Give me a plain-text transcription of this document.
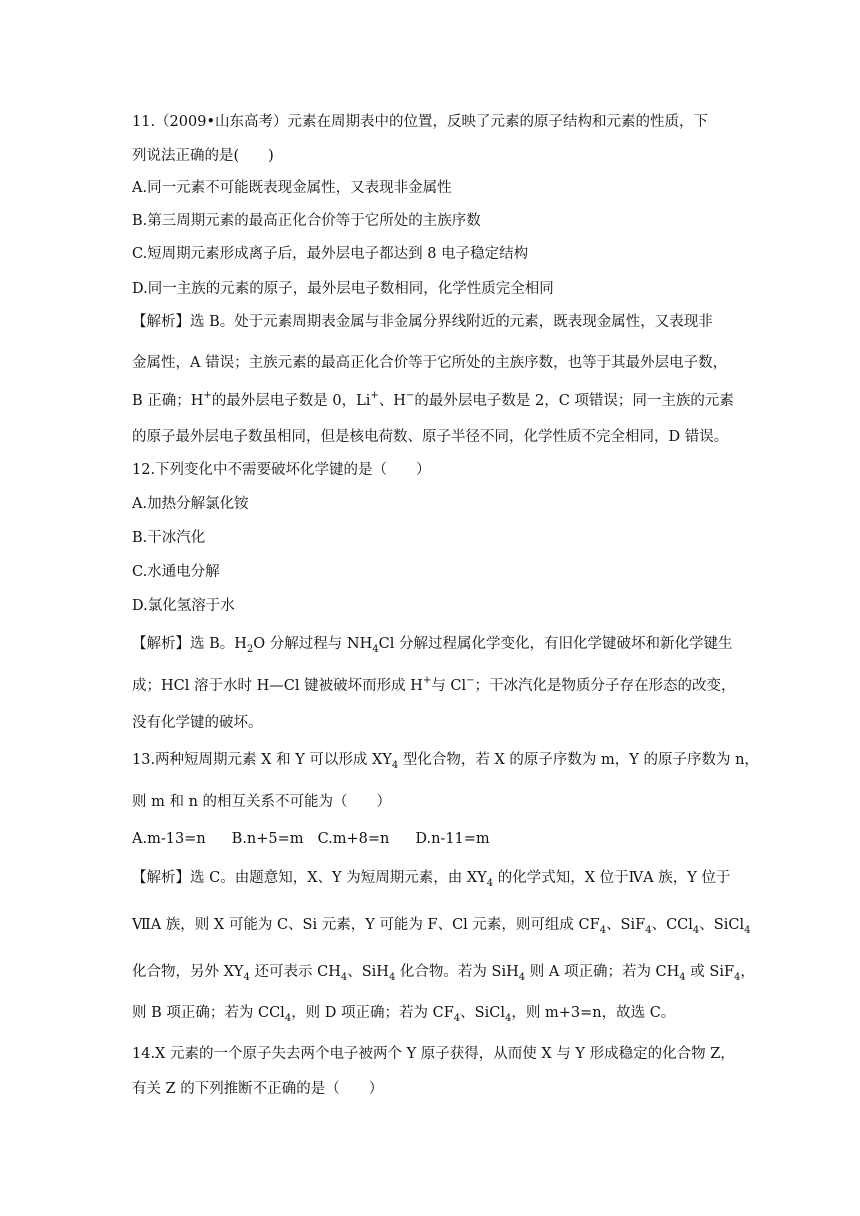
11.（2009•山东高考）元素在周期表中的位置，反映了元素的原子结构和元素的性质，下
列说法正确的是(　　)
A.同一元素不可能既表现金属性，又表现非金属性
B.第三周期元素的最高正化合价等于它所处的主族序数
C.短周期元素形成离子后，最外层电子都达到 8 电子稳定结构
D.同一主族的元素的原子，最外层电子数相同，化学性质完全相同
【解析】选 B。处于元素周期表金属与非金属分界线附近的元素，既表现金属性，又表现非
金属性，A 错误；主族元素的最高正化合价等于它所处的主族序数，也等于其最外层电子数，
B 正确；H+的最外层电子数是 0，Li+、H−的最外层电子数是 2，C 项错误；同一主族的元素
的原子最外层电子数虽相同，但是核电荷数、原子半径不同，化学性质不完全相同，D 错误。
12.下列变化中不需要破坏化学键的是（　　）
A.加热分解氯化铵
B.干冰汽化
C.水通电分解
D.氯化氢溶于水
【解析】选 B。$H_2O$ 分解过程与 $NH_4Cl$ 分解过程属化学变化，有旧化学键破坏和新化学键生
成；HCl 溶于水时 H—Cl 键被破坏而形成 H+与 Cl−；干冰汽化是物质分子存在形态的改变，
没有化学键的破坏。
13.两种短周期元素 X 和 Y 可以形成 $XY_4$ 型化合物，若 X 的原子序数为 m，Y 的原子序数为 n，
则 m 和 n 的相互关系不可能为（　　）
A.m-13=n B.n+5=m C.m+8=n D.n-11=m
【解析】选 C。由题意知，X、Y 为短周期元素，由 $XY_4$ 的化学式知，X 位于ⅣA 族，Y 位于
ⅦA 族，则 X 可能为 C、Si 元素，Y 可能为 F、Cl 元素，则可组成 $CF_4$、SiF$_4$、CCl$_4$、SiCl$_4$
化合物，另外 $XY_4$ 还可表示 $CH_4$、SiH$_4$ 化合物。若为 SiH$_4$ 则 A 项正确；若为 $CH_4$ 或 SiF$_4$，
则 B 项正确；若为 CCl$_4$，则 D 项正确；若为 $CF_4$、SiCl$_4$，则 m+3=n，故选 C。
14.X 元素的一个原子失去两个电子被两个 Y 原子获得，从而使 X 与 Y 形成稳定的化合物 Z，
有关 Z 的下列推断不正确的是（　　）
